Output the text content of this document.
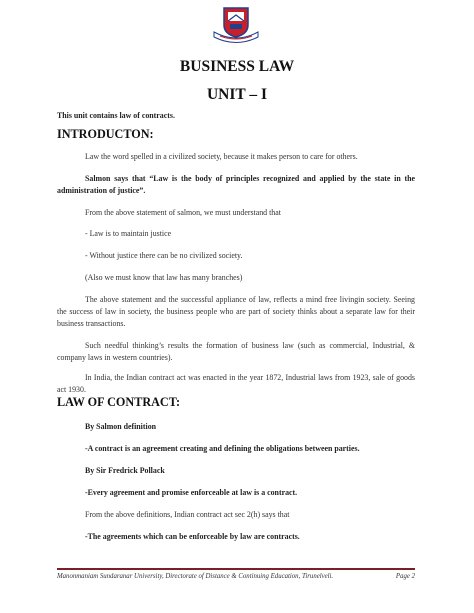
BUSINESS LAW
UNIT – I
This unit contains law of contracts.
INTRODUCTON:
Law the word spelled in a civilized society, because it makes person to care for others.
Salmon says that “Law is the body of principles recognized and applied by the state in the administration of justice”.
From the above statement of salmon, we must understand that
- Law is to maintain justice
- Without justice there can be no civilized society.
(Also we must know that law has many branches)
The above statement and the successful appliance of law, reflects a mind free livingin society. Seeing the success of law in society, the business people who are part of society thinks about a separate law for their business transactions.
Such needful thinking’s results the formation of business law (such as commercial, Industrial, & company laws in western countries).
In India, the Indian contract act was enacted in the year 1872, Industrial laws from 1923, sale of goods act 1930.
LAW OF CONTRACT:
By Salmon definition
-A contract is an agreement creating and defining the obligations between parties.
By Sir Fredrick Pollack
-Every agreement and promise enforceable at law is a contract.
From the above definitions, Indian contract act sec 2(h) says that
-The agreements which can be enforceable by law are contracts.
Manonmaniam Sundaranar University, Directorate of Distance & Continuing Education, Tirunelveli.	Page 2
